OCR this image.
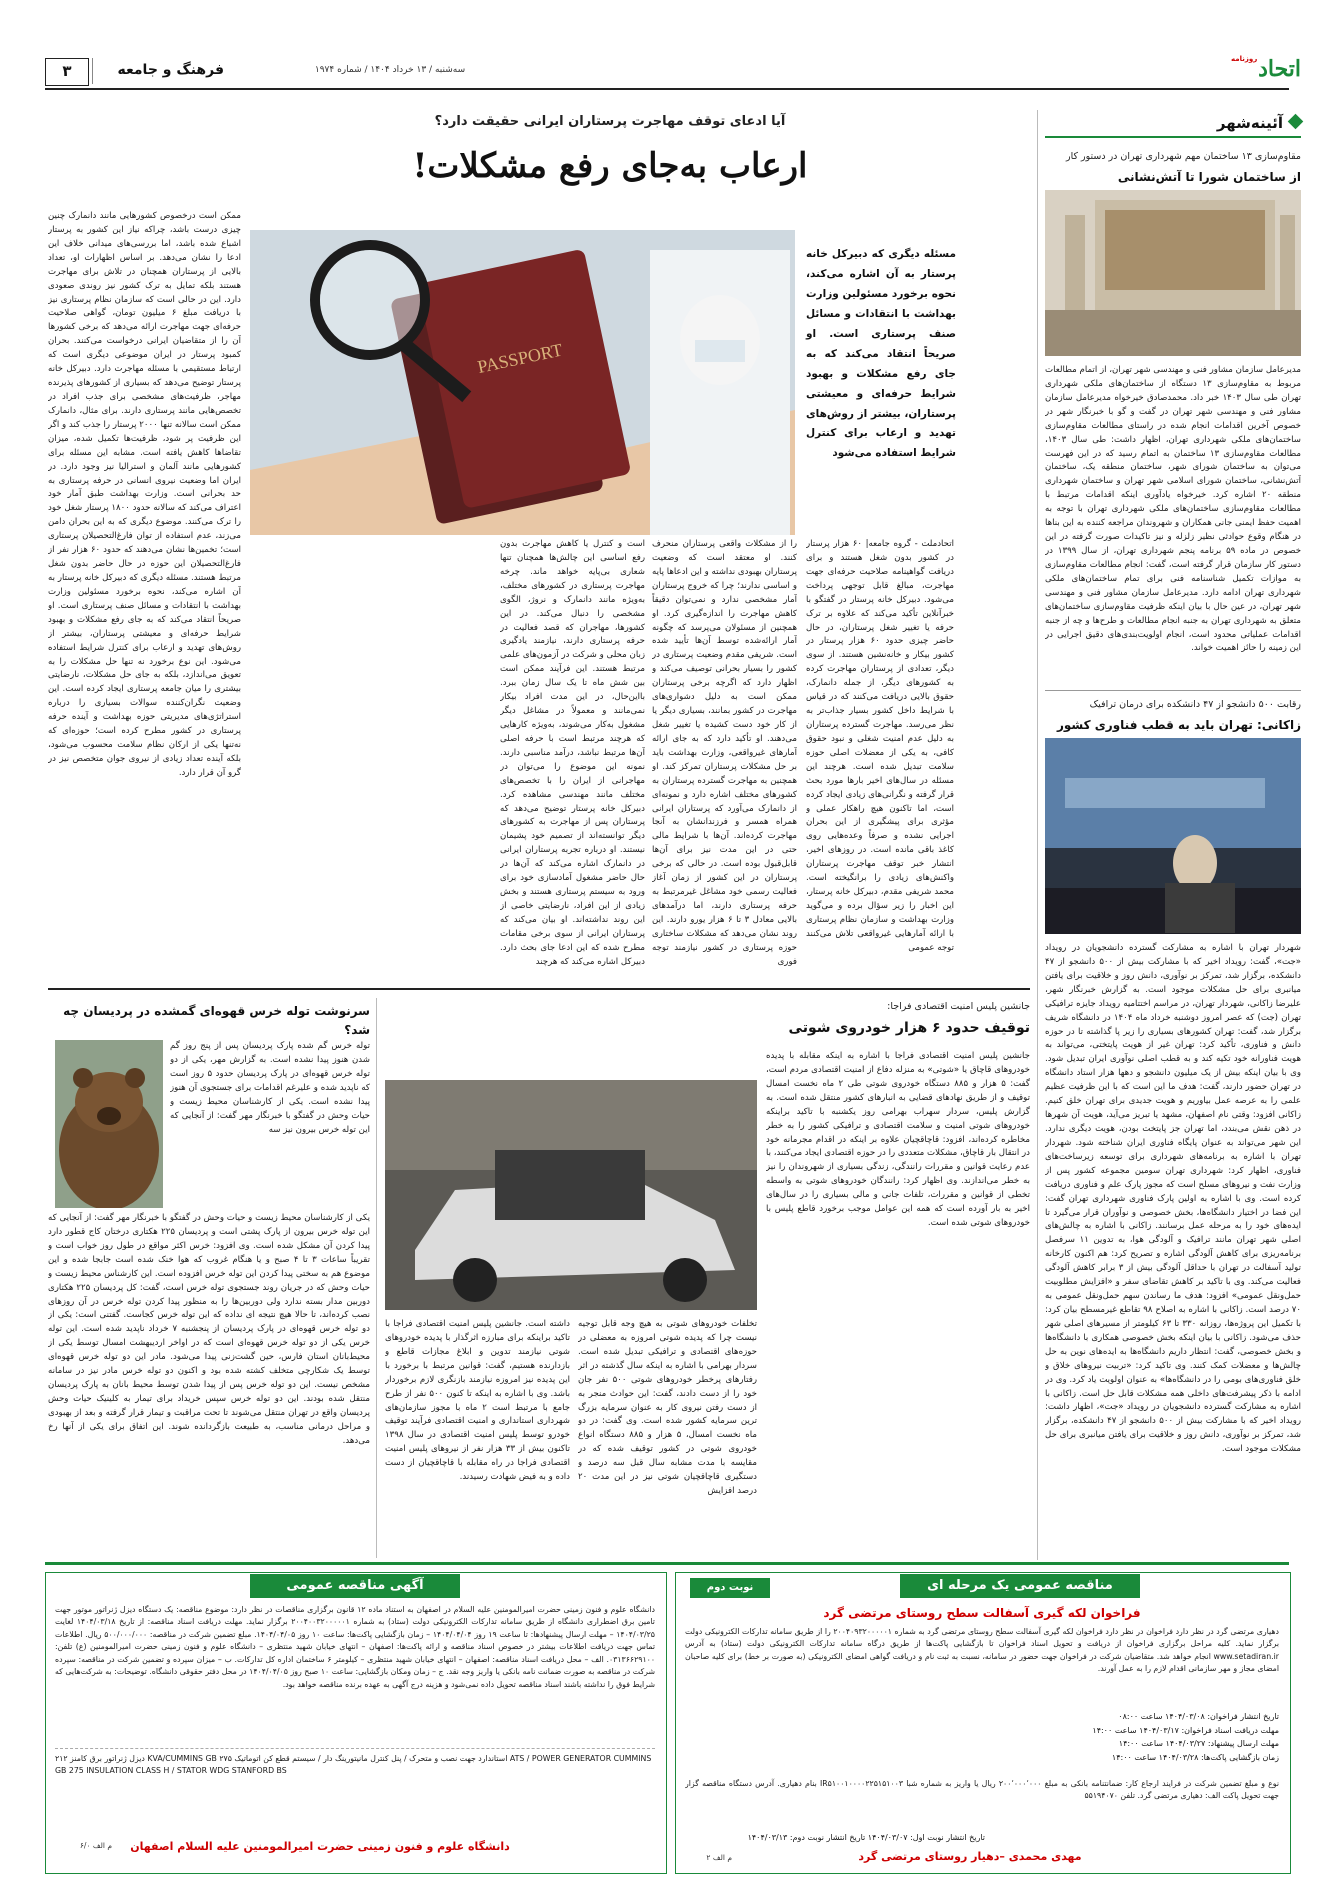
۳	فرهنگ و جامعه	سه‌شنبه / ۱۳ خرداد ۱۴۰۴ / شماره ۱۹۷۴
روزنامه اتحاد
آئینه‌شهر
مقاوم‌سازی ۱۳ ساختمان مهم شهرداری تهران در دستور کار
از ساختمان شورا تا آتش‌نشانی
مدیرعامل سازمان مشاور فنی و مهندسی شهر تهران، از اتمام مطالعات مربوط به مقاوم‌سازی ۱۳ دستگاه از ساختمان‌های ملکی شهرداری تهران طی سال ۱۴۰۳ خبر داد. محمدصادق خیرخواه مدیرعامل سازمان مشاور فنی و مهندسی شهر تهران در گفت و گو با خبرنگار شهر در خصوص آخرین اقدامات انجام شده در راستای مطالعات مقاوم‌سازی ساختمان‌های ملکی شهرداری تهران، اظهار داشت: طی سال ۱۴۰۳، مطالعات مقاوم‌سازی ۱۳ ساختمان به اتمام رسید که در این فهرست می‌توان به ساختمان شورای شهر، ساختمان منطقه یک، ساختمان آتش‌نشانی، ساختمان شورای اسلامی شهر تهران و ساختمان شهرداری منطقه ۲۰ اشاره کرد. خیرخواه یادآوری اینکه اقدامات مرتبط با مطالعات مقاوم‌سازی ساختمان‌های ملکی شهرداری تهران با توجه به اهمیت حفظ ایمنی جانی همکاران و شهروندان مراجعه کننده به این بناها در هنگام وقوع حوادثی نظیر زلزله و نیز تاکیدات صورت گرفته در این خصوص در ماده ۵۹ برنامه پنجم شهرداری تهران، از سال ۱۳۹۹ در دستور کار سازمان قرار گرفته است، گفت: انجام مطالعات مقاوم‌سازی به موازات تکمیل شناسنامه فنی برای تمام ساختمان‌های ملکی شهرداری تهران ادامه دارد. مدیرعامل سازمان مشاور فنی و مهندسی شهر تهران، در عین حال با بیان اینکه ظرفیت مقاوم‌سازی ساختمان‌های متعلق به شهرداری تهران به جنبه انجام مطالعات و طرح‌ها و چه از جنبه اقدامات عملیاتی محدود است، انجام اولویت‌بندی‌های دقیق اجرایی در این زمینه را حائز اهمیت خواند.
رقابت ۵۰۰ دانشجو از ۴۷ دانشکده برای درمان ترافیک
زاکانی: تهران باید به قطب فناوری کشور
شهردار تهران با اشاره به مشارکت گسترده دانشجویان در رویداد «جت»، گفت: رویداد اخیر که با مشارکت بیش از ۵۰۰ دانشجو از ۴۷ دانشکده، برگزار شد، تمرکز بر نوآوری، دانش روز و خلاقیت برای یافتن میانبری برای حل مشکلات موجود است. به گزارش خبرنگار شهر، علیرضا زاکانی، شهردار تهران، در مراسم اختتامیه رویداد جایزه ترافیکی تهران (جت) که عصر امروز دوشنبه خرداد ماه ۱۴۰۴ در دانشگاه شریف برگزار شد، گفت: تهران کشورهای بسیاری را زیر پا گذاشته تا در حوزه دانش و فناوری، تأکید کرد: تهران غیر از هویت پایتختی، می‌تواند به هویت فناورانه خود تکیه کند و به قطب اصلی نوآوری ایران تبدیل شود. وی با بیان اینکه بیش از یک میلیون دانشجو و دهها هزار استاد دانشگاه در تهران حضور دارند، گفت: هدف ما این است که با این ظرفیت عظیم علمی را به عرصه عمل بیاوریم و هویت جدیدی برای تهران خلق کنیم. زاکانی افزود: وقتی نام اصفهان، مشهد یا تبریز می‌آید، هویت آن شهرها در ذهن نقش می‌بندد، اما تهران جز پایتخت بودن، هویت دیگری ندارد. این شهر می‌تواند به عنوان پایگاه فناوری ایران شناخته شود. شهردار تهران با اشاره به برنامه‌های شهرداری برای توسعه زیرساخت‌های فناوری، اظهار کرد: شهرداری تهران سومین مجموعه کشور پس از وزارت نفت و نیروهای مسلح است که مجوز پارک علم و فناوری دریافت کرده است. وی با اشاره به اولین پارک فناوری شهرداری تهران گفت: این فضا در اختیار دانشگاه‌ها، بخش خصوصی و نوآوران قرار می‌گیرد تا ایده‌های خود را به مرحله عمل برسانند. زاکانی با اشاره به چالش‌های اصلی شهر تهران مانند ترافیک و آلودگی هوا، به تدوین ۱۱ سرفصل برنامه‌ریزی برای کاهش آلودگی اشاره و تصریح کرد: هم اکنون کارخانه تولید آسفالت در تهران با حداقل آلودگی بیش از ۳ برابر کاهش آلودگی فعالیت می‌کند. وی با تاکید بر کاهش تقاضای سفر و «افزایش مطلوبیت حمل‌ونقل عمومی» افزود: هدف ما رساندن سهم حمل‌ونقل عمومی به ۷۰ درصد است. زاکانی با اشاره به اصلاح ۹۸ تقاطع غیرمسطح بیان کرد: با تکمیل این پروژه‌ها، روزانه ۳۳۰ تا ۶۳ کیلومتر از مسیرهای اصلی شهر حذف می‌شود. زاکانی با بیان اینکه بخش خصوصی همکاری با دانشگاه‌ها و بخش خصوصی، گفت: انتظار داریم دانشگاه‌ها به ایده‌های نوین به حل چالش‌ها و معضلات کمک کنند. وی تاکید کرد: «تربیت نیروهای خلاق و خلق فناوری‌های بومی را در دانشگاه‌ها» به عنوان اولویت یاد کرد. وی در ادامه با ذکر پیشرفت‌های داخلی همه مشکلات قابل حل است. زاکانی با اشاره به مشارکت گسترده دانشجویان در رویداد «جت»، اظهار داشت: رویداد اخیر که با مشارکت بیش از ۵۰۰ دانشجو از ۴۷ دانشکده، برگزار شد، تمرکز بر نوآوری، دانش روز و خلاقیت برای یافتن میانبری برای حل مشکلات موجود است.
آیا ادعای توقف مهاجرت پرستاران ایرانی حقیقت دارد؟
ارعاب به‌جای رفع مشکلات!
PASSPORT
مسئله دیگری که دبیرکل خانه پرستار به آن اشاره می‌کند، نحوه برخورد مسئولین وزارت بهداشت با انتقادات و مسائل صنف پرستاری است. او صریحاً انتقاد می‌کند که به جای رفع مشکلات و بهبود شرایط حرفه‌ای و معیشتی پرستاران، بیشتر از روش‌های تهدید و ارعاب برای کنترل شرایط استفاده می‌شود
اتحادملت - گروه جامعه| ۶۰ هزار پرستار در کشور بدون شغل هستند و برای دریافت گواهینامه صلاحیت حرفه‌ای جهت مهاجرت، مبالغ قابل توجهی پرداخت می‌شود. دبیرکل خانه پرستار در گفتگو با خبرآنلاین تأکید می‌کند که علاوه بر ترک حرفه یا تغییر شغل پرستاران، در حال حاضر چیزی حدود ۶۰ هزار پرستار در کشور بیکار و خانه‌نشین هستند. از سوی دیگر، تعدادی از پرستاران مهاجرت کرده به کشورهای دیگر، از جمله دانمارک، حقوق بالایی دریافت می‌کنند که در قیاس با شرایط داخل کشور بسیار جذاب‌تر به نظر می‌رسد. مهاجرت گسترده پرستاران به دلیل عدم امنیت شغلی و نبود حقوق کافی، به یکی از معضلات اصلی حوزه سلامت تبدیل شده است. هرچند این مسئله در سال‌های اخیر بارها مورد بحث قرار گرفته و نگرانی‌های زیادی ایجاد کرده است، اما تاکنون هیچ راهکار عملی و مؤثری برای پیشگیری از این بحران اجرایی نشده و صرفاً وعده‌هایی روی کاغذ باقی مانده است. در روزهای اخیر، انتشار خبر توقف مهاجرت پرستاران واکنش‌های زیادی را برانگیخته است. محمد شریفی مقدم، دبیرکل خانه پرستار، این اخبار را زیر سؤال برده و می‌گوید وزارت بهداشت و سازمان نظام پرستاری با ارائه آمارهایی غیرواقعی تلاش می‌کنند توجه عمومی
را از مشکلات واقعی پرستاران منحرف کنند. او معتقد است که وضعیت پرستاران بهبودی نداشته و این ادعاها پایه و اساسی ندارند؛ چرا که خروج پرستاران آمار مشخصی ندارد و نمی‌توان دقیقاً کاهش مهاجرت را اندازه‌گیری کرد. او همچنین از مسئولان می‌پرسد که چگونه آمار ارائه‌شده توسط آن‌ها تأیید شده است. شریفی مقدم وضعیت پرستاری در کشور را بسیار بحرانی توصیف می‌کند و اظهار دارد که اگرچه برخی پرستاران ممکن است به دلیل دشواری‌های مهاجرت در کشور بمانند، بسیاری دیگر یا از کار خود دست کشیده یا تغییر شغل می‌دهند. او تأکید دارد که به جای ارائه آمارهای غیرواقعی، وزارت بهداشت باید بر حل مشکلات پرستاران تمرکز کند. او همچنین به مهاجرت گسترده پرستاران به کشورهای مختلف اشاره دارد و نمونه‌ای از دانمارک می‌آورد که پرستاران ایرانی همراه همسر و فرزندانشان به آنجا مهاجرت کرده‌اند. آن‌ها با شرایط مالی حتی در این مدت نیز برای آن‌ها قابل‌قبول بوده است. در حالی که برخی پرستاران در این کشور از زمان آغاز فعالیت رسمی خود مشاغل غیرمرتبط به حرفه پرستاری دارند، اما درآمدهای بالایی معادل ۳ تا ۶ هزار یورو دارند. این روند نشان می‌دهد که مشکلات ساختاری حوزه پرستاری در کشور نیازمند توجه فوری
است و کنترل یا کاهش مهاجرت بدون رفع اساسی این چالش‌ها همچنان تنها شعاری بی‌پایه خواهد ماند. چرخه مهاجرت پرستاری در کشورهای مختلف، به‌ویژه مانند دانمارک و نروژ، الگوی مشخصی را دنبال می‌کند. در این کشورها، مهاجران که قصد فعالیت در حرفه پرستاری دارند، نیازمند یادگیری زبان محلی و شرکت در آزمون‌های علمی مرتبط هستند. این فرآیند ممکن است بین شش ماه تا یک سال زمان ببرد. بااین‌حال، در این مدت افراد بیکار نمی‌مانند و معمولاً در مشاغل دیگر مشغول به‌کار می‌شوند، به‌ویژه کارهایی که هرچند مرتبط است با حرفه اصلی آن‌ها مرتبط نباشد، درآمد مناسبی دارند. نمونه این موضوع را می‌توان در مهاجرانی از ایران را با تخصص‌های مختلف مانند مهندسی مشاهده کرد. دبیرکل خانه پرستار توضیح می‌دهد که پرستاران پس از مهاجرت به کشورهای دیگر توانسته‌اند از تصمیم خود پشیمان نیستند. او درباره تجربه پرستاران ایرانی در دانمارک اشاره می‌کند که آن‌ها در حال حاضر مشغول آمادسازی خود برای ورود به سیستم پرستاری هستند و بخش زیادی از این افراد، نارضایتی خاصی از این روند نداشته‌اند. او بیان می‌کند که پرستاران ایرانی از سوی برخی مقامات مطرح شده که این ادعا جای بحث دارد. دبیرکل اشاره می‌کند که هرچند
ممکن است درخصوص کشورهایی مانند دانمارک چنین چیزی درست باشد، چراکه نیاز این کشور به پرستار اشباع شده باشد، اما بررسی‌های میدانی خلاف این ادعا را نشان می‌دهد. بر اساس اظهارات او، تعداد بالایی از پرستاران همچنان در تلاش برای مهاجرت هستند بلکه تمایل به ترک کشور نیز روندی صعودی دارد. این در حالی است که سازمان نظام پرستاری نیز با دریافت مبلغ ۶ میلیون تومان، گواهی صلاحیت حرفه‌ای جهت مهاجرت ارائه می‌دهد که برخی کشورها آن را از متقاضیان ایرانی درخواست می‌کنند. بحران کمبود پرستار در ایران موضوعی دیگری است که ارتباط مستقیمی با مسئله مهاجرت دارد. دبیرکل خانه پرستار توضیح می‌دهد که بسیاری از کشورهای پذیرنده مهاجر، ظرفیت‌های مشخصی برای جذب افراد در تخصص‌هایی مانند پرستاری دارند. برای مثال، دانمارک ممکن است سالانه تنها ۲۰۰۰ پرستار را جذب کند و اگر این ظرفیت پر شود، ظرفیت‌ها تکمیل شده، میزان تقاضاها کاهش یافته است. مشابه این مسئله برای کشورهایی مانند آلمان و استرالیا نیز وجود دارد. در ایران اما وضعیت نیروی انسانی در حرفه پرستاری به حد بحرانی است. وزارت بهداشت طبق آمار خود اعتراف می‌کند که سالانه حدود ۱۸۰۰ پرستار شغل خود را ترک می‌کنند. موضوع دیگری که به این بحران دامن می‌زند، عدم استفاده از توان فارغ‌التحصیلان پرستاری است؛ تخمین‌ها نشان می‌دهند که حدود ۶۰ هزار نفر از فارغ‌التحصیلان این حوزه در حال حاضر بدون شغل مرتبط هستند. مسئله دیگری که دبیرکل خانه پرستار به آن اشاره می‌کند، نحوه برخورد مسئولین وزارت بهداشت با انتقادات و مسائل صنف پرستاری است. او صریحاً انتقاد می‌کند که به جای رفع مشکلات و بهبود شرایط حرفه‌ای و معیشتی پرستاران، بیشتر از روش‌های تهدید و ارعاب برای کنترل شرایط استفاده می‌شود. این نوع برخورد نه تنها حل مشکلات را به تعویق می‌اندازد، بلکه به جای حل مشکلات، نارضایتی بیشتری را میان جامعه پرستاری ایجاد کرده است. این وضعیت نگران‌کننده سوالات بسیاری را درباره استراتژی‌های مدیریتی حوزه بهداشت و آینده حرفه پرستاری در کشور مطرح کرده است؛ حوزه‌ای که نه‌تنها یکی از ارکان نظام سلامت محسوب می‌شود، بلکه آینده تعداد زیادی از نیروی جوان متخصص نیز در گرو آن قرار دارد.
جانشین پلیس امنیت اقتصادی فراجا:
توقیف حدود ۶ هزار خودروی شوتی
جانشین پلیس امنیت اقتصادی فراجا با اشاره به اینکه مقابله با پدیده خودروهای قاچاق یا «شوتی» به منزله دفاع از امنیت اقتصادی مردم است، گفت: ۵ هزار و ۸۸۵ دستگاه خودروی شوتی طی ۲ ماه نخست امسال توقیف و از طریق نهادهای قضایی به انبارهای کشور منتقل شده است. به گزارش پلیس، سردار سهراب بهرامی روز یکشنبه با تاکید براینکه خودروهای شوتی امنیت و سلامت اقتصادی و ترافیکی کشور را به خطر مخاطره کرده‌اند، افزود: قاچاقچیان علاوه بر اینکه در اقدام مجرمانه خود در انتقال بار قاچاق، مشکلات متعددی را در حوزه اقتصادی ایجاد می‌کنند، با عدم رعایت قوانین و مقررات رانندگی، زندگی بسیاری از شهروندان را نیز به خطر می‌اندازند. وی اظهار کرد: رانندگان خودروهای شوتی به واسطه تخطی از قوانین و مقررات، تلفات جانی و مالی بسیاری را در سال‌های اخیر به بار آورده است که همه این عوامل موجب برخورد قاطع پلیس با خودروهای شوتی شده است.
تخلفات خودروهای شوتی به هیچ وجه قابل توجیه نیست چرا که پدیده شوتی امروزه به معضلی در حوزه‌های اقتصادی و ترافیکی تبدیل شده است. سردار بهرامی با اشاره به اینکه سال گذشته در اثر رفتارهای پرخطر خودروهای شوتی ۵۰۰ نفر جان خود را از دست دادند، گفت: این حوادث منجر به از دست رفتن نیروی کار به عنوان سرمایه بزرگ ترین سرمایه کشور شده است. وی گفت: در دو ماه نخست امسال، ۵ هزار و ۸۸۵ دستگاه انواع خودروی شوتی در کشور توقیف شده که در مقایسه با مدت مشابه سال قبل سه درصد و دستگیری قاچاقچیان شوتی نیز در این مدت ۲۰ درصد افزایش
داشته است. جانشین پلیس امنیت اقتصادی فراجا با تاکید براینکه برای مبارزه اثرگذار با پدیده خودروهای شوتی نیازمند تدوین و ابلاغ مجازات قاطع و بازدارنده هستیم، گفت: قوانین مرتبط با برخورد با این پدیده نیز امروزه نیازمند بازنگری لازم برخوردار باشد. وی با اشاره به اینکه تا کنون ۵۰۰ نفر از طرح جامع با مرتبط است ۲ ماه با مجوز سازمان‌های شهرداری استانداری و امنیت اقتصادی فرآیند توقیف خودرو توسط پلیس امنیت اقتصادی در سال ۱۳۹۸ تاکنون بیش از ۳۳ هزار نفر از نیروهای پلیس امنیت اقتصادی فراجا در راه مقابله با قاچاقچیان از دست داده و به فیض شهادت رسیدند.
سرنوشت توله خرس قهوه‌ای گمشده در پردیسان چه شد؟
توله خرس گم شده پارک پردیسان پس از پنج روز گم شدن هنوز پیدا نشده است. به گزارش مهر، یکی از دو توله خرس قهوه‌ای در پارک پردیسان حدود ۵ روز است که ناپدید شده و علیرغم اقدامات برای جستجوی آن هنوز پیدا نشده است. یکی از کارشناسان محیط زیست و حیات وحش در گفتگو با خبرنگار مهر گفت: از آنجایی که این توله خرس بیرون نیز سه
یکی از کارشناسان محیط زیست و حیات وحش در گفتگو با خبرنگار مهر گفت: از آنجایی که این توله خرس بیرون از پارک پشتی است و پردیسان ۲۲۵ هکتاری درختان کاج قطور دارد پیدا کردن آن مشکل شده است. وی افزود: خرس اکثر مواقع در طول روز خواب است و تقریباً ساعات ۳ تا ۴ صبح و یا هنگام غروب که هوا خنک شده است جابجا شده و این موضوع هم به سختی پیدا کردن این توله خرس افزوده است. این کارشناس محیط زیست و حیات وحش که در جریان روند جستجوی توله خرس است، گفت: کل پردیسان ۲۲۵ هکتاری دوربین مدار بسته ندارد ولی دوربین‌ها را به منظور پیدا کردن توله خرس در آن روزهای نصب کرده‌اند، تا حالا هیچ نتیجه ای نداده که این توله خرس کجاست. گفتنی است: یکی از دو توله خرس قهوه‌ای در پارک پردیسان از پنجشنبه ۷ خرداد ناپدید شده است. این توله خرس یکی از دو توله خرس قهوه‌ای است که در اواخر اردیبهشت امسال توسط یکی از محیط‌بانان استان فارس، حین گشت‌زنی پیدا می‌شود. مادر این دو توله خرس قهوه‌ای توسط یک شکارچی متخلف کشته شده بود و اکنون دو توله خرس مادر نیز در سامانه مشخص نیست. این دو توله خرس پس از پیدا شدن توسط محیط بانان به پارک پردیسان منتقل شده بودند. این دو توله خرس سپس خریداد برای تیمار به کلینیک حیات وحش پردیسان واقع در تهران منتقل می‌شوند تا تحت مراقبت و تیمار قرار گرفته و بعد از بهبودی و مراحل درمانی مناسب، به طبیعت بازگردانده شوند. این اتفاق برای یکی از آنها رخ می‌دهد.
آگهی مناقصه عمومی
دانشگاه علوم و فنون زمینی حضرت امیرالمومنین علیه السلام در اصفهان به استناد ماده ۱۲ قانون برگزاری مناقصات در نظر دارد: موضوع مناقصه: یک دستگاه دیزل ژنراتور موتور جهت تامین برق اضطراری دانشگاه از طریق سامانه تدارکات الکترونیکی دولت (ستاد) به شماره ۲۰۰۴۰۰۳۲۰۰۰۰۰۱ برگزار نماید. مهلت دریافت اسناد مناقصه: از تاریخ ۱۴۰۴/۰۳/۱۸ لغایت ۱۴۰۴/۰۳/۲۵ – مهلت ارسال پیشنهادها: تا ساعت ۱۹ روز ۱۴۰۴/۰۴/۰۴ – زمان بازگشایی پاکت‌ها: ساعت ۱۰ روز ۱۴۰۴/۰۴/۰۵. مبلغ تضمین شرکت در مناقصه: ۵۰۰/۰۰۰/۰۰۰ ریال. اطلاعات تماس جهت دریافت اطلاعات بیشتر در خصوص اسناد مناقصه و ارائه پاکت‌ها: اصفهان – انتهای خیابان شهید منتظری – دانشگاه علوم و فنون زمینی حضرت امیرالمومنین (ع) تلفن: ۰۳۱۳۶۶۲۹۱۰۰. الف – محل دریافت اسناد مناقصه: اصفهان – انتهای خیابان شهید منتظری – کیلومتر ۶ ساختمان اداره کل تدارکات. ب – میزان سپرده و تضمین شرکت در مناقصه: سپرده شرکت در مناقصه به صورت ضمانت نامه بانکی یا واریز وجه نقد. ج – زمان ومکان بازگشایی: ساعت ۱۰ صبح روز ۱۴۰۴/۰۴/۰۵ در محل دفتر حقوقی دانشگاه. توضیحات: به شرکت‌هایی که شرایط فوق را نداشته باشند اسناد مناقصه تحویل داده نمی‌شود و هزینه درج آگهی به عهده برنده مناقصه خواهد بود.
دیزل ژنراتور برق کامنز ۲۱۲ KVA/CUMMINS GB ۲۷۵ استاندارد جهت نصب و متحرک / پنل کنترل مانیتورینگ دار / سیستم قطع کن اتوماتیک ATS / POWER GENERATOR CUMMINS GB 275 INSULATION CLASS H / STATOR WDG STANFORD BS
دانشگاه علوم و فنون زمینی حضرت امیرالمومنین علیه السلام اصفهان
م الف ۶/۰
مناقصه عمومی یک مرحله ای
نوبت دوم
فراخوان لکه گیری آسفالت سطح روستای مرتضی گرد
دهیاری مرتضی گرد در نظر دارد فراخوان در نظر دارد فراخوان لکه گیری آسفالت سطح روستای مرتضی گرد به شماره ۲۰۰۴۰۹۳۲۰۰۰۰۰۱ را از طریق سامانه تدارکات الکترونیکی دولت برگزار نماید. کلیه مراحل برگزاری فراخوان از دریافت و تحویل اسناد فراخوان تا بازگشایی پاکت‌ها از طریق درگاه سامانه تدارکات الکترونیکی دولت (ستاد) به آدرس www.setadiran.ir انجام خواهد شد. متقاضیان شرکت در فراخوان جهت حضور در سامانه، نسبت به ثبت نام و دریافت گواهی امضای الکترونیکی (به صورت بر خط) برای کلیه صاحبان امضای مجاز و مهر سازمانی اقدام لازم را به عمل آورند.
تاریخ انتشار فراخوان: ۱۴۰۴/۰۳/۰۸ ساعت ۰۸:۰۰
مهلت دریافت اسناد فراخوان: ۱۴۰۴/۰۳/۱۷ ساعت ۱۴:۰۰
مهلت ارسال پیشنهاد: ۱۴۰۴/۰۳/۲۷ ساعت ۱۴:۰۰
زمان بازگشایی پاکت‌ها: ۱۴۰۴/۰۳/۲۸ ساعت ۱۴:۰۰
نوع و مبلغ تضمین شرکت در فرایند ارجاع کار: ضمانتنامه بانکی به مبلغ ۲۰۰٬۰۰۰٬۰۰۰ ریال یا واریز به شماره شبا IR۵۱۰۰۱۰۰۰۰۲۲۵۱۵۱۰۰۳ بنام دهیاری. آدرس دستگاه مناقصه گزار جهت تحویل پاکت الف: دهیاری مرتضی گرد. تلفن ۵۵۱۹۴۰۷۰
تاریخ انتشار نوبت اول: ۱۴۰۴/۰۳/۰۷ تاریخ انتشار نوبت دوم: ۱۴۰۴/۰۳/۱۳
مهدی محمدی –دهیار روستای مرتضی گرد
م الف ۲
